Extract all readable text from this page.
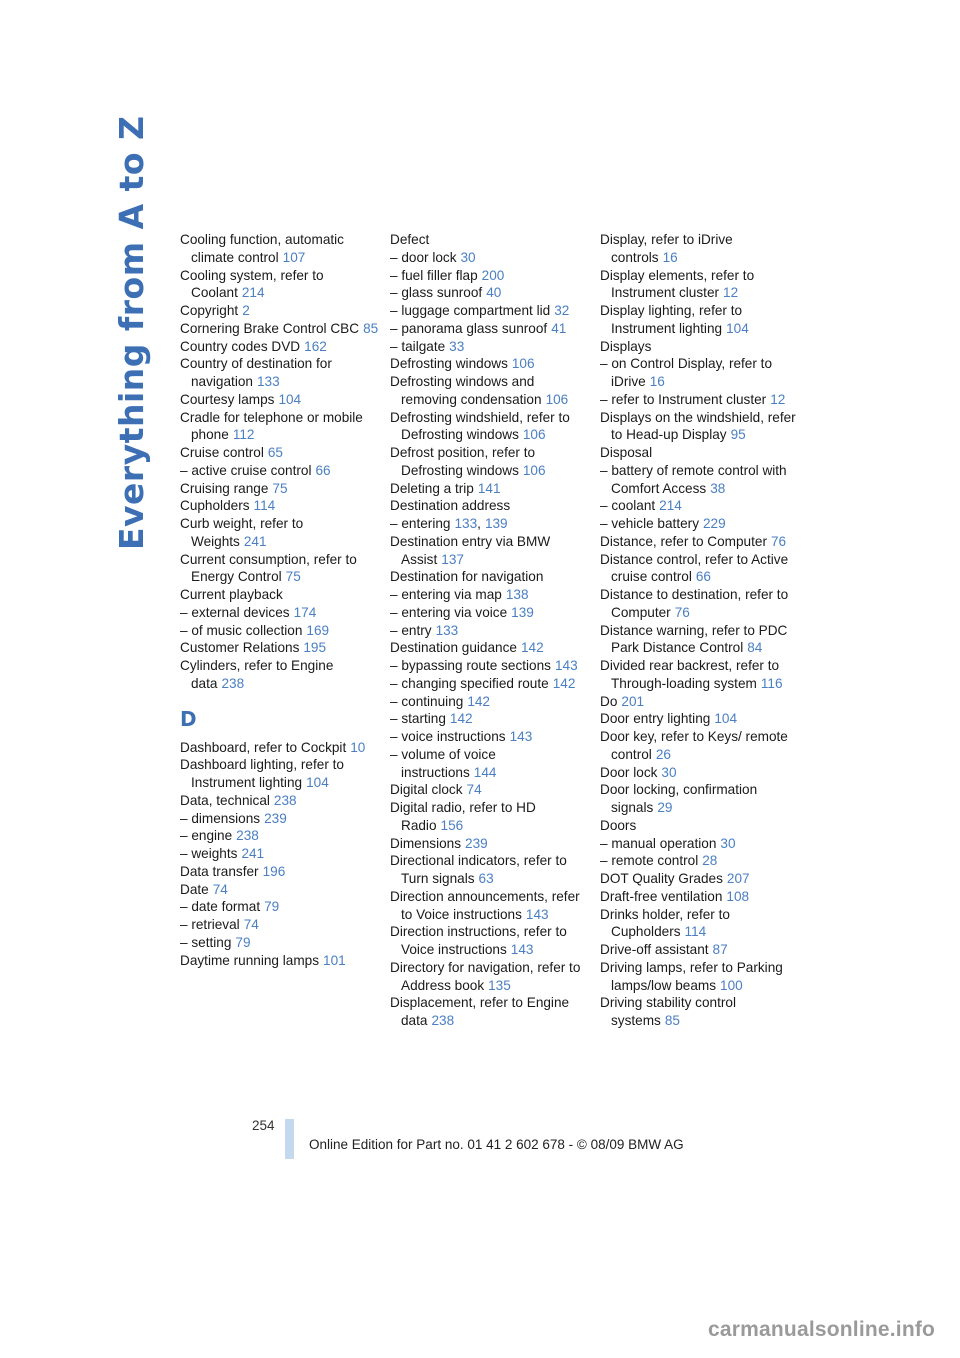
Everything from A to Z Cooling function, automatic climate control 107
Cooling system, refer to Coolant 214
Copyright 2
Cornering Brake Control CBC 85
Country codes DVD 162
Country of destination for navigation 133
Courtesy lamps 104
Cradle for telephone or mobile phone 112
Cruise control 65
– active cruise control 66
Cruising range 75
Cupholders 114
Curb weight, refer to Weights 241
Current consumption, refer to Energy Control 75
Current playback
– external devices 174
– of music collection 169
Customer Relations 195
Cylinders, refer to Engine data 238
D
Dashboard, refer to Cockpit 10
Dashboard lighting, refer to Instrument lighting 104
Data, technical 238
– dimensions 239
– engine 238
– weights 241
Data transfer 196
Date 74
– date format 79
– retrieval 74
– setting 79
Daytime running lamps 101
Defect
– door lock 30
– fuel filler flap 200
– glass sunroof 40
– luggage compartment lid 32
– panorama glass sunroof 41
– tailgate 33
Defrosting windows 106
Defrosting windows and removing condensation 106
Defrosting windshield, refer to Defrosting windows 106
Defrost position, refer to Defrosting windows 106
Deleting a trip 141
Destination address
– entering 133, 139
Destination entry via BMW Assist 137
Destination for navigation
– entering via map 138
– entering via voice 139
– entry 133
Destination guidance 142
– bypassing route sections 143
– changing specified route 142
– continuing 142
– starting 142
– voice instructions 143
– volume of voice instructions 144
Digital clock 74
Digital radio, refer to HD Radio 156
Dimensions 239
Directional indicators, refer to Turn signals 63
Direction announcements, refer to Voice instructions 143
Direction instructions, refer to Voice instructions 143
Directory for navigation, refer to Address book 135
Displacement, refer to Engine data 238
Display, refer to iDrive controls 16
Display elements, refer to Instrument cluster 12
Display lighting, refer to Instrument lighting 104
Displays
– on Control Display, refer to iDrive 16
– refer to Instrument cluster 12
Displays on the windshield, refer to Head-up Display 95
Disposal
– battery of remote control with Comfort Access 38
– coolant 214
– vehicle battery 229
Distance, refer to Computer 76
Distance control, refer to Active cruise control 66
Distance to destination, refer to Computer 76
Distance warning, refer to PDC Park Distance Control 84
Divided rear backrest, refer to Through-loading system 116
Do 201
Door entry lighting 104
Door key, refer to Keys/ remote control 26
Door lock 30
Door locking, confirmation signals 29
Doors
– manual operation 30
– remote control 28
DOT Quality Grades 207
Draft-free ventilation 108
Drinks holder, refer to Cupholders 114
Drive-off assistant 87
Driving lamps, refer to Parking lamps/low beams 100
Driving stability control systems 85
254
Online Edition for Part no. 01 41 2 602 678 - © 08/09 BMW AG
carmanualsonline.info
